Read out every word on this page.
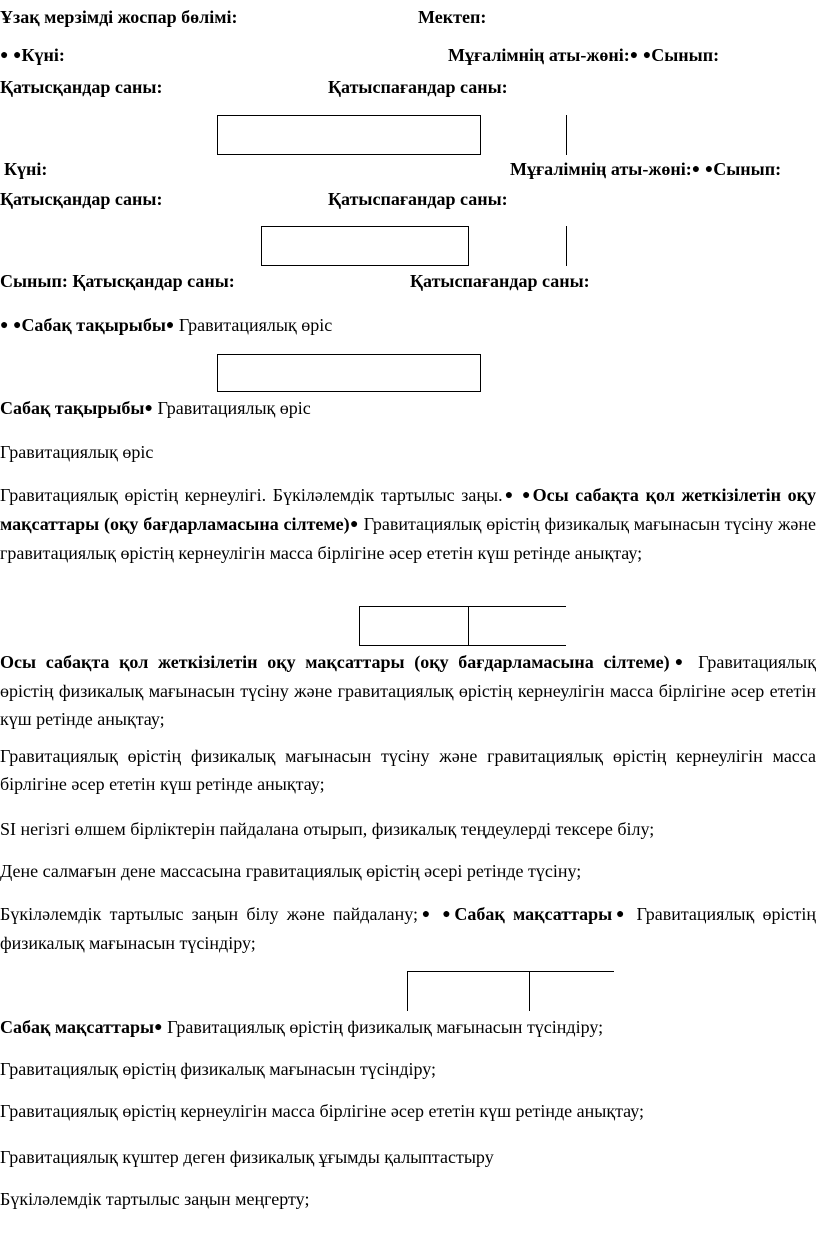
Ұзақ мерзімді жоспар бөлімі:	Мектеп:
● ●Күні:	Мұғалімнің аты-жөні:● ●Сынып:
Қатысқандар саны:	Қатыспағандар саны:
Күні:	Мұғалімнің аты-жөні:● ●Сынып:
Қатысқандар саны:	Қатыспағандар саны:
Сынып: Қатысқандар саны:	Қатыспағандар саны:
● ●Сабақ тақырыбы● Гравитациялық өріс
Сабақ тақырыбы● Гравитациялық өріс
Гравитациялық өріс
Гравитациялық өрістің кернеулігі. Бүкіләлемдік тартылыс заңы.● ●Осы сабақта қол жеткізілетін оқу мақсаттары (оқу бағдарламасына сілтеме)● Гравитациялық өрістің физикалық мағынасын түсіну және гравитациялық өрістің кернеулігін масса бірлігіне әсер ететін күш ретінде анықтау;
Осы сабақта қол жеткізілетін оқу мақсаттары (оқу бағдарламасына сілтеме)● Гравитациялық өрістің физикалық мағынасын түсіну және гравитациялық өрістің кернеулігін масса бірлігіне әсер ететін күш ретінде анықтау;
Гравитациялық өрістің физикалық мағынасын түсіну және гравитациялық өрістің кернеулігін масса бірлігіне әсер ететін күш ретінде анықтау;
SI негізгі өлшем бірліктерін пайдалана отырып, физикалық теңдеулерді тексере білу;
Дене салмағын дене массасына гравитациялық өрістің әсері ретінде түсіну;
Бүкіләлемдік тартылыс заңын білу және пайдалану;● ●Сабақ мақсаттары● Гравитациялық өрістің физикалық мағынасын түсіндіру;
Сабақ мақсаттары● Гравитациялық өрістің физикалық мағынасын түсіндіру;
Гравитациялық өрістің физикалық мағынасын түсіндіру;
Гравитациялық өрістің кернеулігін масса бірлігіне әсер ететін күш ретінде анықтау;
Гравитациялық күштер деген физикалық ұғымды қалыптастыру
Бүкіләлемдік тартылыс заңын меңгерту;
